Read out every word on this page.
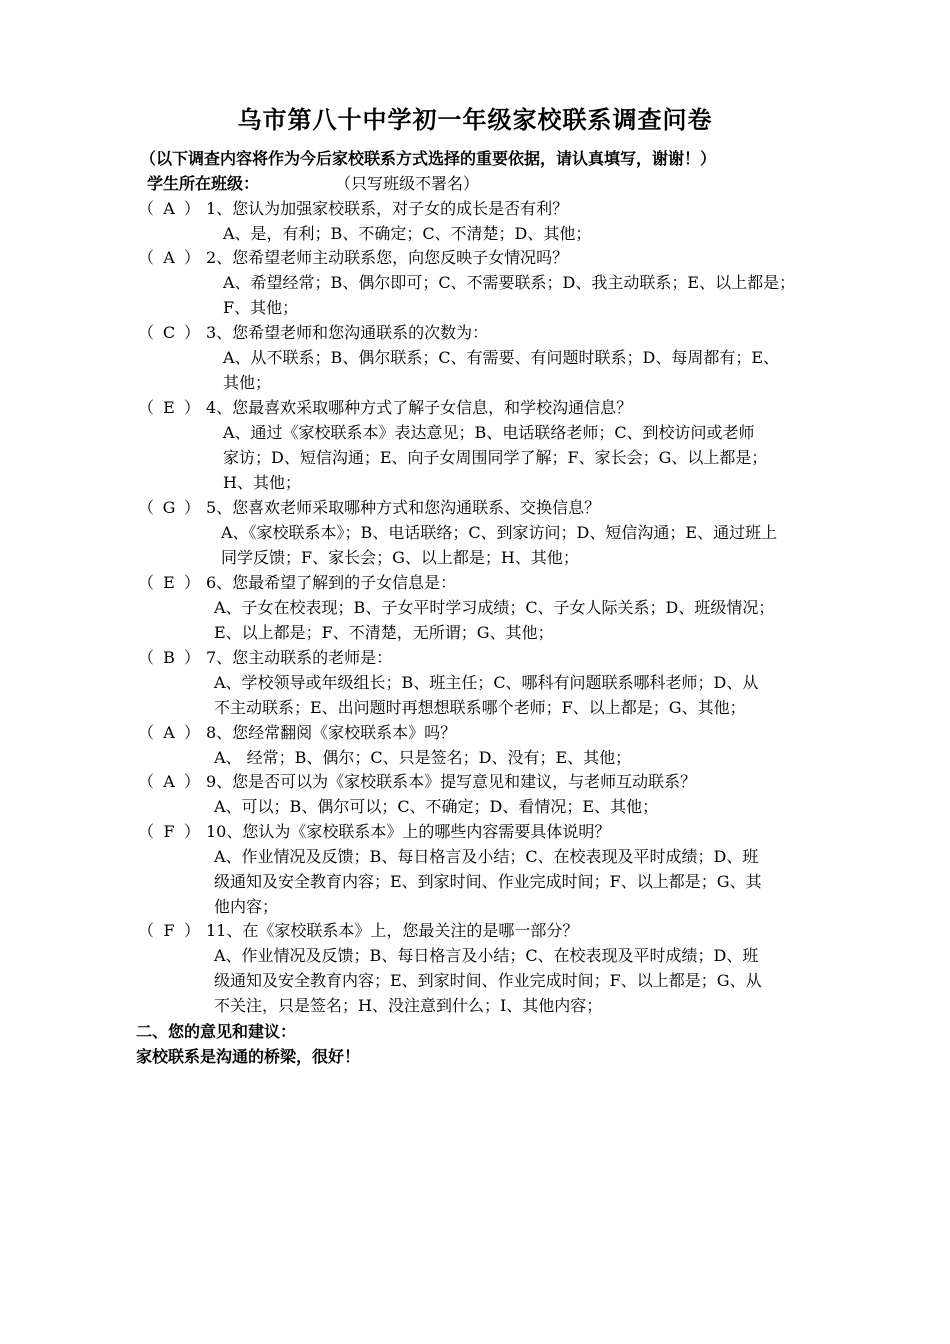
乌市第八十中学初一年级家校联系调查问卷
（以下调查内容将作为今后家校联系方式选择的重要依据，请认真填写，谢谢！）
学生所在班级：	（只写班级不署名）
（ A ） 1、您认为加强家校联系，对子女的成长是否有利？
A、是，有利；B、不确定；C、不清楚；D、其他；
（ A ） 2、您希望老师主动联系您，向您反映子女情况吗？
A、希望经常；B、偶尔即可；C、不需要联系；D、我主动联系；E、以上都是；
F、其他；
（ C ） 3、您希望老师和您沟通联系的次数为：
A、从不联系；B、偶尔联系；C、有需要、有问题时联系；D、每周都有；E、
其他；
（ E ） 4、您最喜欢采取哪种方式了解子女信息，和学校沟通信息？
A、通过《家校联系本》表达意见；B、电话联络老师；C、到校访问或老师
家访；D、短信沟通；E、向子女周围同学了解；F、家长会；G、以上都是；
H、其他；
（ G ） 5、您喜欢老师采取哪种方式和您沟通联系、交换信息？
A、《家校联系本》；B、电话联络；C、到家访问；D、短信沟通；E、通过班上
同学反馈；F、家长会；G、以上都是；H、其他；
（ E ） 6、您最希望了解到的子女信息是：
A、子女在校表现；B、子女平时学习成绩；C、子女人际关系；D、班级情况；
E、以上都是；F、不清楚，无所谓；G、其他；
（ B ） 7、您主动联系的老师是：
A、学校领导或年级组长；B、班主任；C、哪科有问题联系哪科老师；D、从
不主动联系；E、出问题时再想想联系哪个老师；F、以上都是；G、其他；
（ A ） 8、您经常翻阅《家校联系本》吗？
A、 经常；B、偶尔；C、只是签名；D、没有；E、其他；
（ A ） 9、您是否可以为《家校联系本》提写意见和建议，与老师互动联系？
A、可以；B、偶尔可以；C、不确定；D、看情况；E、其他；
（ F ） 10、您认为《家校联系本》上的哪些内容需要具体说明？
A、作业情况及反馈；B、每日格言及小结；C、在校表现及平时成绩；D、班
级通知及安全教育内容；E、到家时间、作业完成时间；F、以上都是；G、其
他内容；
（ F ） 11、在《家校联系本》上，您最关注的是哪一部分？
A、作业情况及反馈；B、每日格言及小结；C、在校表现及平时成绩；D、班
级通知及安全教育内容；E、到家时间、作业完成时间；F、以上都是；G、从
不关注，只是签名；H、没注意到什么；I、其他内容；
二、您的意见和建议：
家校联系是沟通的桥梁，很好！
